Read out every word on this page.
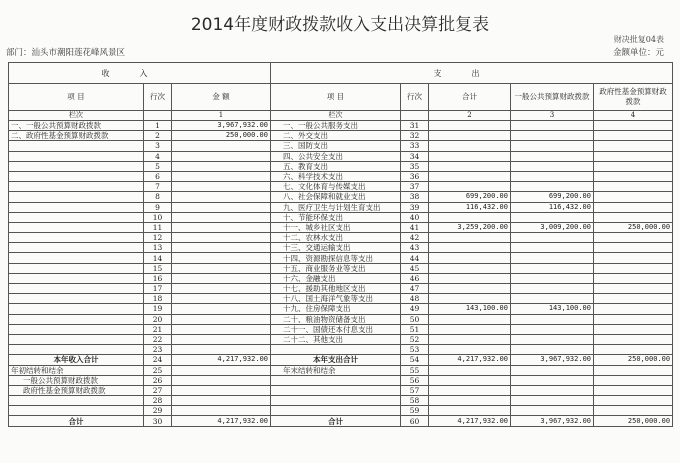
2014年度财政拨款收入支出决算批复表
财决批复04表
部门：汕头市潮阳莲花峰风景区	金额单位：元
收入			支出				
项 目	行次	金 额	项 目	行次	合计	一般公共预算财政拨款	政府性基金预算财政拨款
栏次		1	栏次		2	3	4
一、一般公共预算财政拨款	1	3,967,932.00	一、一般公共服务支出	31			
二、政府性基金预算财政拨款	2	250,000.00	二、外交支出	32			
	3		三、国防支出	33			
	4		四、公共安全支出	34			
	5		五、教育支出	35			
	6		六、科学技术支出	36			
	7		七、文化体育与传媒支出	37			
	8		八、社会保障和就业支出	38	699,200.00	699,200.00	
	9		九、医疗卫生与计划生育支出	39	116,432.00	116,432.00	
	10		十、节能环保支出	40			
	11		十一、城乡社区支出	41	3,259,200.00	3,009,200.00	250,000.00
	12		十二、农林水支出	42			
	13		十三、交通运输支出	43			
	14		十四、资源勘探信息等支出	44			
	15		十五、商业服务业等支出	45			
	16		十六、金融支出	46			
	17		十七、援助其他地区支出	47			
	18		十八、国土海洋气象等支出	48			
	19		十九、住房保障支出	49	143,100.00	143,100.00	
	20		二十、粮油物资储备支出	50			
	21		二十一、国债还本付息支出	51			
	22		二十二、其他支出	52			
	23			53			
本年收入合计	24	4,217,932.00	本年支出合计	54	4,217,932.00	3,967,932.00	250,000.00
年初结转和结余	25		年末结转和结余	55			
一般公共预算财政拨款	26			56			
政府性基金预算财政拨款	27			57			
	28			58			
	29			59			
合计	30	4,217,932.00	合计	60	4,217,932.00	3,967,932.00	250,000.00
